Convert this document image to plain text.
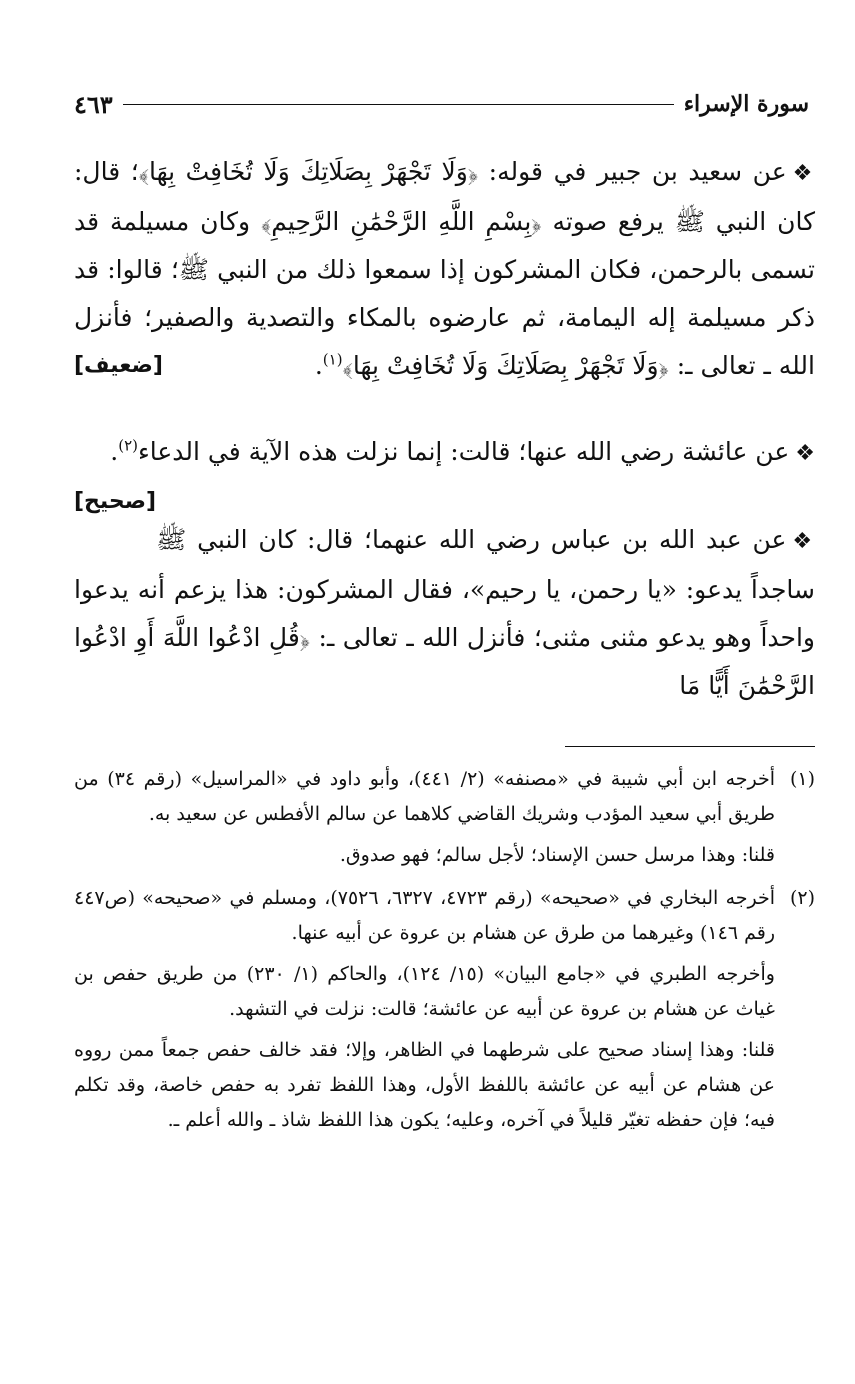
سورة الإسراء
٤٦٣

❖عن سعيد بن جبير في قوله: ﴿وَلَا تَجْهَرْ بِصَلَاتِكَ وَلَا تُخَافِتْ بِهَا﴾؛ قال: كان النبي ﷺ يرفع صوته ﴿بِسْمِ اللَّهِ الرَّحْمَٰنِ الرَّحِيمِ﴾ وكان مسيلمة قد تسمى بالرحمن، فكان المشركون إذا سمعوا ذلك من النبي ﷺ؛ قالوا: قد ذكر مسيلمة إله اليمامة، ثم عارضوه بالمكاء والتصدية والصفير؛ فأنزل الله ـ تعالى ـ: ﴿وَلَا تَجْهَرْ بِصَلَاتِكَ وَلَا تُخَافِتْ بِهَا﴾$^{(١)}$.
[ضعيف]

❖عن عائشة رضي الله عنها؛ قالت: إنما نزلت هذه الآية في الدعاء$^{(٢)}$.
[صحيح]

❖عن عبد الله بن عباس رضي الله عنهما؛ قال: كان النبي ﷺ ساجداً يدعو: «يا رحمن، يا رحيم»، فقال المشركون: هذا يزعم أنه يدعوا واحداً وهو يدعو مثنى مثنى؛ فأنزل الله ـ تعالى ـ: ﴿قُلِ ادْعُوا اللَّهَ أَوِ ادْعُوا الرَّحْمَٰنَ أَيًّا مَا

(١)

أخرجه ابن أبي شيبة في «مصنفه» (٢/ ٤٤١)، وأبو داود في «المراسيل» (رقم ٣٤) من طريق أبي سعيد المؤدب وشريك القاضي كلاهما عن سالم الأفطس عن سعيد به.

قلنا: وهذا مرسل حسن الإسناد؛ لأجل سالم؛ فهو صدوق.

(٢)

أخرجه البخاري في «صحيحه» (رقم ٤٧٢٣، ٦٣٢٧، ٧٥٢٦)، ومسلم في «صحيحه» (ص٤٤٧ رقم ١٤٦) وغيرهما من طرق عن هشام بن عروة عن أبيه عنها.

وأخرجه الطبري في «جامع البيان» (١٥/ ١٢٤)، والحاكم (١/ ٢٣٠) من طريق حفص بن غياث عن هشام بن عروة عن أبيه عن عائشة؛ قالت: نزلت في التشهد.

قلنا: وهذا إسناد صحيح على شرطهما في الظاهر، وإلا؛ فقد خالف حفص جمعاً ممن رووه عن هشام عن أبيه عن عائشة باللفظ الأول، وهذا اللفظ تفرد به حفص خاصة، وقد تكلم فيه؛ فإن حفظه تغيّر قليلاً في آخره، وعليه؛ يكون هذا اللفظ شاذ ـ والله أعلم ـ.
